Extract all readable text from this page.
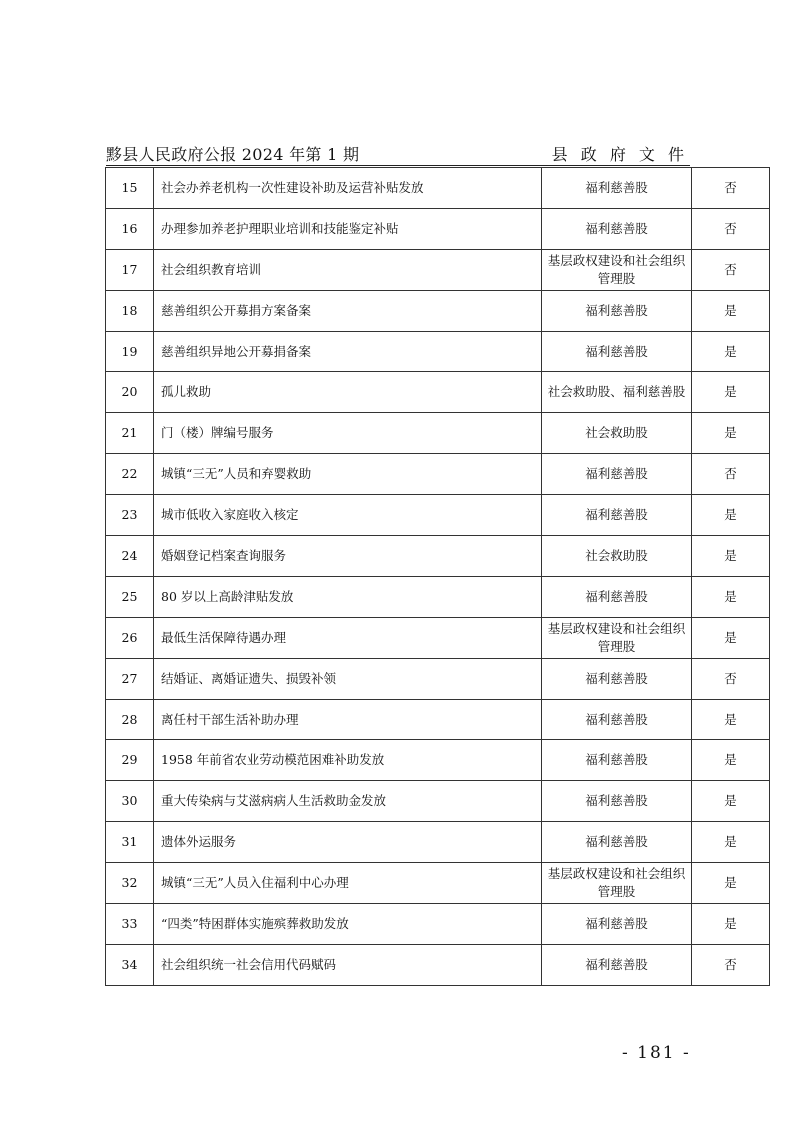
黟县人民政府公报 2024 年第 1 期	县 政 府 文 件
15	社会办养老机构一次性建设补助及运营补贴发放	福利慈善股	否
16	办理参加养老护理职业培训和技能鉴定补贴	福利慈善股	否
17	社会组织教育培训	基层政权建设和社会组织管理股	否
18	慈善组织公开募捐方案备案	福利慈善股	是
19	慈善组织异地公开募捐备案	福利慈善股	是
20	孤儿救助	社会救助股、福利慈善股	是
21	门（楼）牌编号服务	社会救助股	是
22	城镇“三无”人员和弃婴救助	福利慈善股	否
23	城市低收入家庭收入核定	福利慈善股	是
24	婚姻登记档案查询服务	社会救助股	是
25	80 岁以上高龄津贴发放	福利慈善股	是
26	最低生活保障待遇办理	基层政权建设和社会组织管理股	是
27	结婚证、离婚证遗失、损毁补领	福利慈善股	否
28	离任村干部生活补助办理	福利慈善股	是
29	1958 年前省农业劳动模范困难补助发放	福利慈善股	是
30	重大传染病与艾滋病病人生活救助金发放	福利慈善股	是
31	遗体外运服务	福利慈善股	是
32	城镇“三无”人员入住福利中心办理	基层政权建设和社会组织管理股	是
33	“四类”特困群体实施殡葬救助发放	福利慈善股	是
34	社会组织统一社会信用代码赋码	福利慈善股	否
- 181 -
